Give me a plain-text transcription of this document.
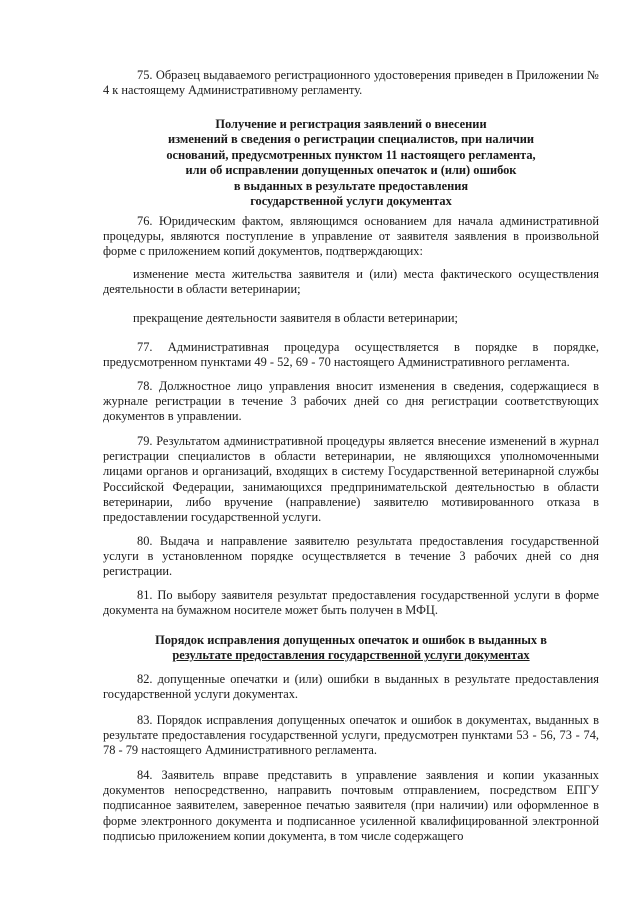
75. Образец выдаваемого регистрационного удостоверения приведен в Приложении № 4 к настоящему Административному регламенту.

Получение и регистрация заявлений о внесении
изменений в сведения о регистрации специалистов, при наличии
оснований, предусмотренных пунктом 11 настоящего регламента,
или об исправлении допущенных опечаток и (или) ошибок
в выданных в результате предоставления
государственной услуги документах

76. Юридическим фактом, являющимся основанием для начала административной процедуры, являются поступление в управление от заявителя заявления в произвольной форме с приложением копий документов, подтверждающих:

изменение места жительства заявителя и (или) места фактического осуществления деятельности в области ветеринарии;

прекращение деятельности заявителя в области ветеринарии;

77. Административная процедура осуществляется в порядке в порядке, предусмотренном пунктами 49 - 52, 69 - 70 настоящего Административного регламента.

78. Должностное лицо управления вносит изменения в сведения, содержащиеся в журнале регистрации в течение 3 рабочих дней со дня регистрации соответствующих документов в управлении.

79. Результатом административной процедуры является внесение изменений в журнал регистрации специалистов в области ветеринарии, не являющихся уполномоченными лицами органов и организаций, входящих в систему Государственной ветеринарной службы Российской Федерации, занимающихся предпринимательской деятельностью в области ветеринарии, либо вручение (направление) заявителю мотивированного отказа в предоставлении государственной услуги.

80. Выдача и направление заявителю результата предоставления государственной услуги в установленном порядке осуществляется в течение 3 рабочих дней со дня регистрации.

81. По выбору заявителя результат предоставления государственной услуги в форме документа на бумажном носителе может быть получен в МФЦ.

Порядок исправления допущенных опечаток и ошибок в выданных в
результате предоставления государственной услуги документах

82. допущенные опечатки и (или) ошибки в выданных в результате предоставления государственной услуги документах.

83. Порядок исправления допущенных опечаток и ошибок в документах, выданных в результате предоставления государственной услуги, предусмотрен пунктами 53 - 56, 73 - 74, 78 - 79 настоящего Административного регламента.

84. Заявитель вправе представить в управление заявления и копии указанных документов непосредственно, направить почтовым отправлением, посредством ЕПГУ подписанное заявителем, заверенное печатью заявителя (при наличии) или оформленное в форме электронного документа и подписанное усиленной квалифицированной электронной подписью приложением копии документа, в том числе содержащего
